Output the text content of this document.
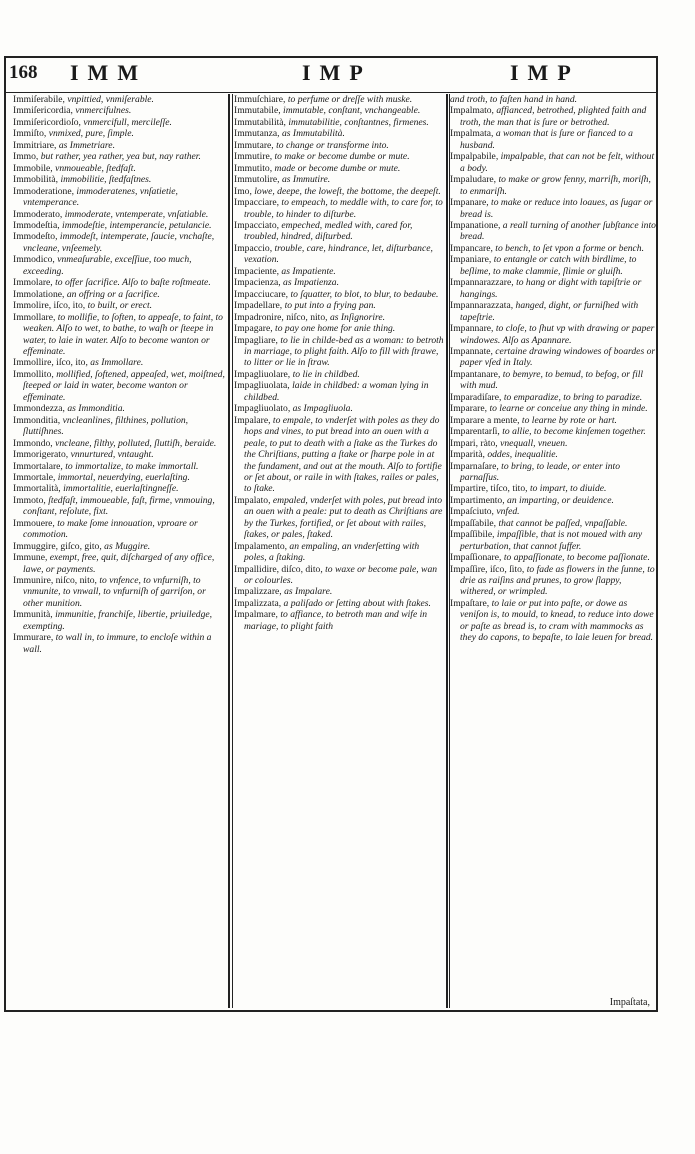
168 IMM	IMP	IMP

Immiſerabile, vnpittied, vnmiſerable.

Immiſericordia, vnmercifulnes.

Immiſericordioſo, vnmercifull, mercileſſe.

Immiſto, vnmixed, pure, ſimple.

Immitriare, as Immetriare.

Immo, but rather, yea rather, yea but, nay rather.

Immobile, vnmoueable, ſtedfaſt.

Immobilità, immobilitie, ſtedfaſtnes.

Immoderatione, immoderatenes, vnſatietie, vntemperance.

Immoderato, immoderate, vntemperate, vnſatiable.

Immodeſtia, immodeſtie, intemperancie, petulancie.

Immodeſto, immodeſt, intemperate, ſaucie, vnchaſte, vncleane, vnſeemely.

Immodico, vnmeaſurable, exceſſiue, too much, exceeding.

Immolare, to offer ſacrifice. Alſo to baſte roſtmeate.

Immolatione, an offring or a ſacrifice.

Immolire, iſco, ito, to built, or erect.

Immollare, to mollifie, to ſoften, to appeaſe, to faint, to weaken. Alſo to wet, to bathe, to waſh or ſteepe in water, to laie in water. Alſo to become wanton or effeminate.

Immollire, iſco, ito, as Immollare.

Immollito, mollified, ſoftened, appeaſed, wet, moiſtned, ſteeped or laid in water, become wanton or effeminate.

Immondezza, as Immonditia.

Immonditia, vncleanlines, filthines, pollution, ſluttiſhnes.

Immondo, vncleane, filthy, polluted, ſluttiſh, beraide.

Immorigerato, vnnurtured, vntaught.

Immortalare, to immortalize, to make immortall.

Immortale, immortal, neuerdying, euerlaſting.

Immortalità, immortalitie, euerlaſtingneſſe.

Immoto, ſtedfaſt, immoueable, faſt, firme, vnmouing, conſtant, reſolute, fixt.

Immouere, to make ſome innouation, vproare or commotion.

Immuggire, giſco, gito, as Muggire.

Immune, exempt, free, quit, diſcharged of any office, lawe, or payments.

Immunire, niſco, nito, to vnfence, to vnfurniſh, to vnmunite, to vnwall, to vnfurniſh of garriſon, or other munition.

Immunità, immunitie, franchiſe, libertie, priuiledge, exempting.

Immurare, to wall in, to immure, to encloſe within a wall.

Immuſchiare, to perfume or dreſſe with muske.

Immutabile, immutable, conſtant, vnchangeable.

Immutabilità, immutabilitie, conſtantnes, firmenes.

Immutanza, as Immutabilità.

Immutare, to change or transforme into.

Immutire, to make or become dumbe or mute.

Immutito, made or become dumbe or mute.

Immutolire, as Immutire.

Imo, lowe, deepe, the loweſt, the bottome, the deepeſt.

Impacciare, to empeach, to meddle with, to care for, to trouble, to hinder to diſturbe.

Impacciato, empeched, medled with, cared for, troubled, hindred, diſturbed.

Impaccio, trouble, care, hindrance, let, diſturbance, vexation.

Impaciente, as Impatiente.

Impacienza, as Impatienza.

Impacciucare, to ſquatter, to blot, to blur, to bedaube.

Impadellare, to put into a frying pan.

Impadronire, niſco, nito, as Inſignorire.

Impagare, to pay one home for anie thing.

Impagliare, to lie in childe-bed as a woman: to betroth in marriage, to plight faith. Alſo to fill with ſtrawe, to litter or lie in ſtraw.

Impagliuolare, to lie in childbed.

Impagliuolata, laide in childbed: a woman lying in childbed.

Impagliuolato, as Impagliuola.

Impalare, to empale, to vnderſet with poles as they do hops and vines, to put bread into an ouen with a peale, to put to death with a ſtake as the Turkes do the Chriſtians, putting a ſtake or ſharpe pole in at the fundament, and out at the mouth. Alſo to fortifie or ſet about, or raile in with ſtakes, railes or pales, to ſtake.

Impalato, empaled, vnderſet with poles, put bread into an ouen with a peale: put to death as Chriſtians are by the Turkes, fortified, or ſet about with railes, ſtakes, or pales, ſtaked.

Impalamento, an empaling, an vnderſetting with poles, a ſtaking.

Impallidire, diſco, dito, to waxe or become pale, wan or colourles.

Impalizzare, as Impalare.

Impalizzata, a paliſado or ſetting about with ſtakes.

Impalmare, to affiance, to betroth man and wife in mariage, to plight faith

and troth, to faſten hand in hand.

Impalmato, affianced, betrothed, plighted faith and troth, the man that is ſure or betrothed.

Impalmata, a woman that is ſure or fianced to a husband.

Impalpabile, impalpable, that can not be felt, without a body.

Impaludare, to make or grow fenny, marriſh, moriſh, to enmariſh.

Impanare, to make or reduce into loaues, as ſugar or bread is.

Impanatione, a reall turning of another ſubſtance into bread.

Impancare, to bench, to ſet vpon a forme or bench.

Impaniare, to entangle or catch with birdlime, to beſlime, to make clammie, ſlimie or gluiſh.

Impannarazzare, to hang or dight with tapiſtrie or hangings.

Impannarazzata, hanged, dight, or furniſhed with tapeſtrie.

Impannare, to cloſe, to ſhut vp with drawing or paper windowes. Alſo as Apannare.

Impannate, certaine drawing windowes of boardes or paper vſed in Italy.

Impantanare, to bemyre, to bemud, to befog, or fill with mud.

Imparadiſare, to emparadize, to bring to paradize.

Imparare, to learne or conceiue any thing in minde.

Imparare a mente, to learne by rote or hart.

Imparentarſi, to allie, to become kinſemen together.

Impari, ràto, vnequall, vneuen.

Imparità, oddes, inequalitie.

Imparnaſare, to bring, to leade, or enter into parnaſſus.

Impartire, tiſco, tito, to impart, to diuide.

Impartimento, an imparting, or deuidence.

Impaſciuto, vnfed.

Impaſſabile, that cannot be paſſed, vnpaſſable.

Impaſſibile, impaſſible, that is not moued with any perturbation, that cannot ſuffer.

Impaſſionare, to appaſſionate, to become paſſionate.

Impaſſire, iſco, ſito, to fade as flowers in the ſunne, to drie as raiſins and prunes, to grow ſlappy, withered, or wrimpled.

Impaſtare, to laie or put into paſte, or dowe as veniſon is, to mould, to knead, to reduce into dowe or paſte as bread is, to cram with mammocks as they do capons, to bepaſte, to laie leuen for bread.

Impaſtata,
